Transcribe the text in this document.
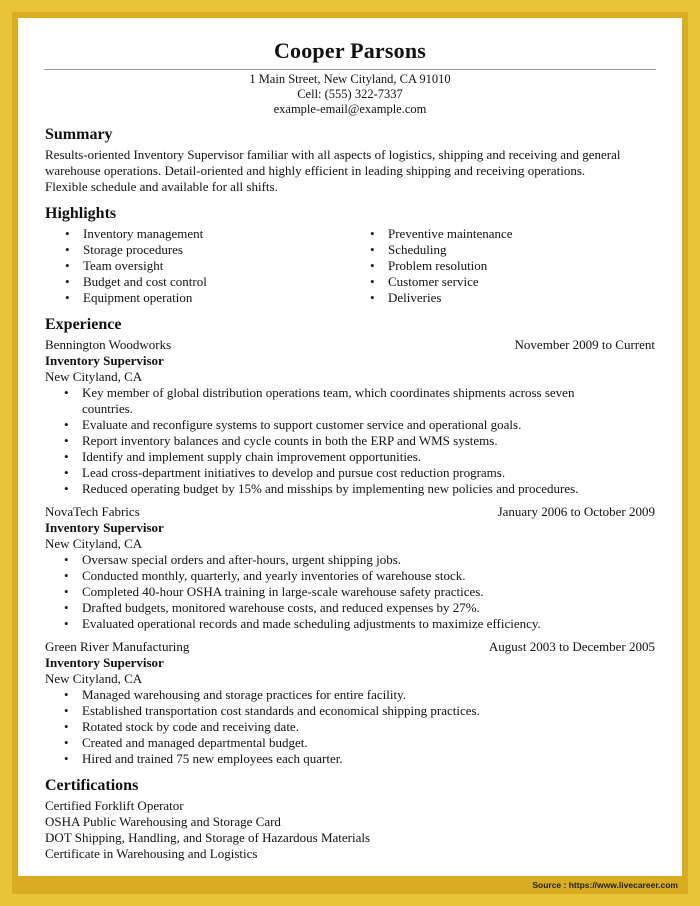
Cooper Parsons
1 Main Street, New Cityland, CA 91010
Cell: (555) 322-7337
example-email@example.com
Summary
Results-oriented Inventory Supervisor familiar with all aspects of logistics, shipping and receiving and general
warehouse operations. Detail-oriented and highly efficient in leading shipping and receiving operations.
Flexible schedule and available for all shifts.
Highlights
• Inventory management
• Storage procedures
• Team oversight
• Budget and cost control
• Equipment operation
• Preventive maintenance
• Scheduling
• Problem resolution
• Customer service
• Deliveries
Experience
Bennington Woodworks	November 2009 to Current
Inventory Supervisor
New Cityland, CA
• Key member of global distribution operations team, which coordinates shipments across seven countries.
• Evaluate and reconfigure systems to support customer service and operational goals.
• Report inventory balances and cycle counts in both the ERP and WMS systems.
• Identify and implement supply chain improvement opportunities.
• Lead cross-department initiatives to develop and pursue cost reduction programs.
• Reduced operating budget by 15% and misships by implementing new policies and procedures.
NovaTech Fabrics	January 2006 to October 2009
Inventory Supervisor
New Cityland, CA
• Oversaw special orders and after-hours, urgent shipping jobs.
• Conducted monthly, quarterly, and yearly inventories of warehouse stock.
• Completed 40-hour OSHA training in large-scale warehouse safety practices.
• Drafted budgets, monitored warehouse costs, and reduced expenses by 27%.
• Evaluated operational records and made scheduling adjustments to maximize efficiency.
Green River Manufacturing	August 2003 to December 2005
Inventory Supervisor
New Cityland, CA
• Managed warehousing and storage practices for entire facility.
• Established transportation cost standards and economical shipping practices.
• Rotated stock by code and receiving date.
• Created and managed departmental budget.
• Hired and trained 75 new employees each quarter.
Certifications
Certified Forklift Operator
OSHA Public Warehousing and Storage Card
DOT Shipping, Handling, and Storage of Hazardous Materials
Certificate in Warehousing and Logistics
Source : https://www.livecareer.com
